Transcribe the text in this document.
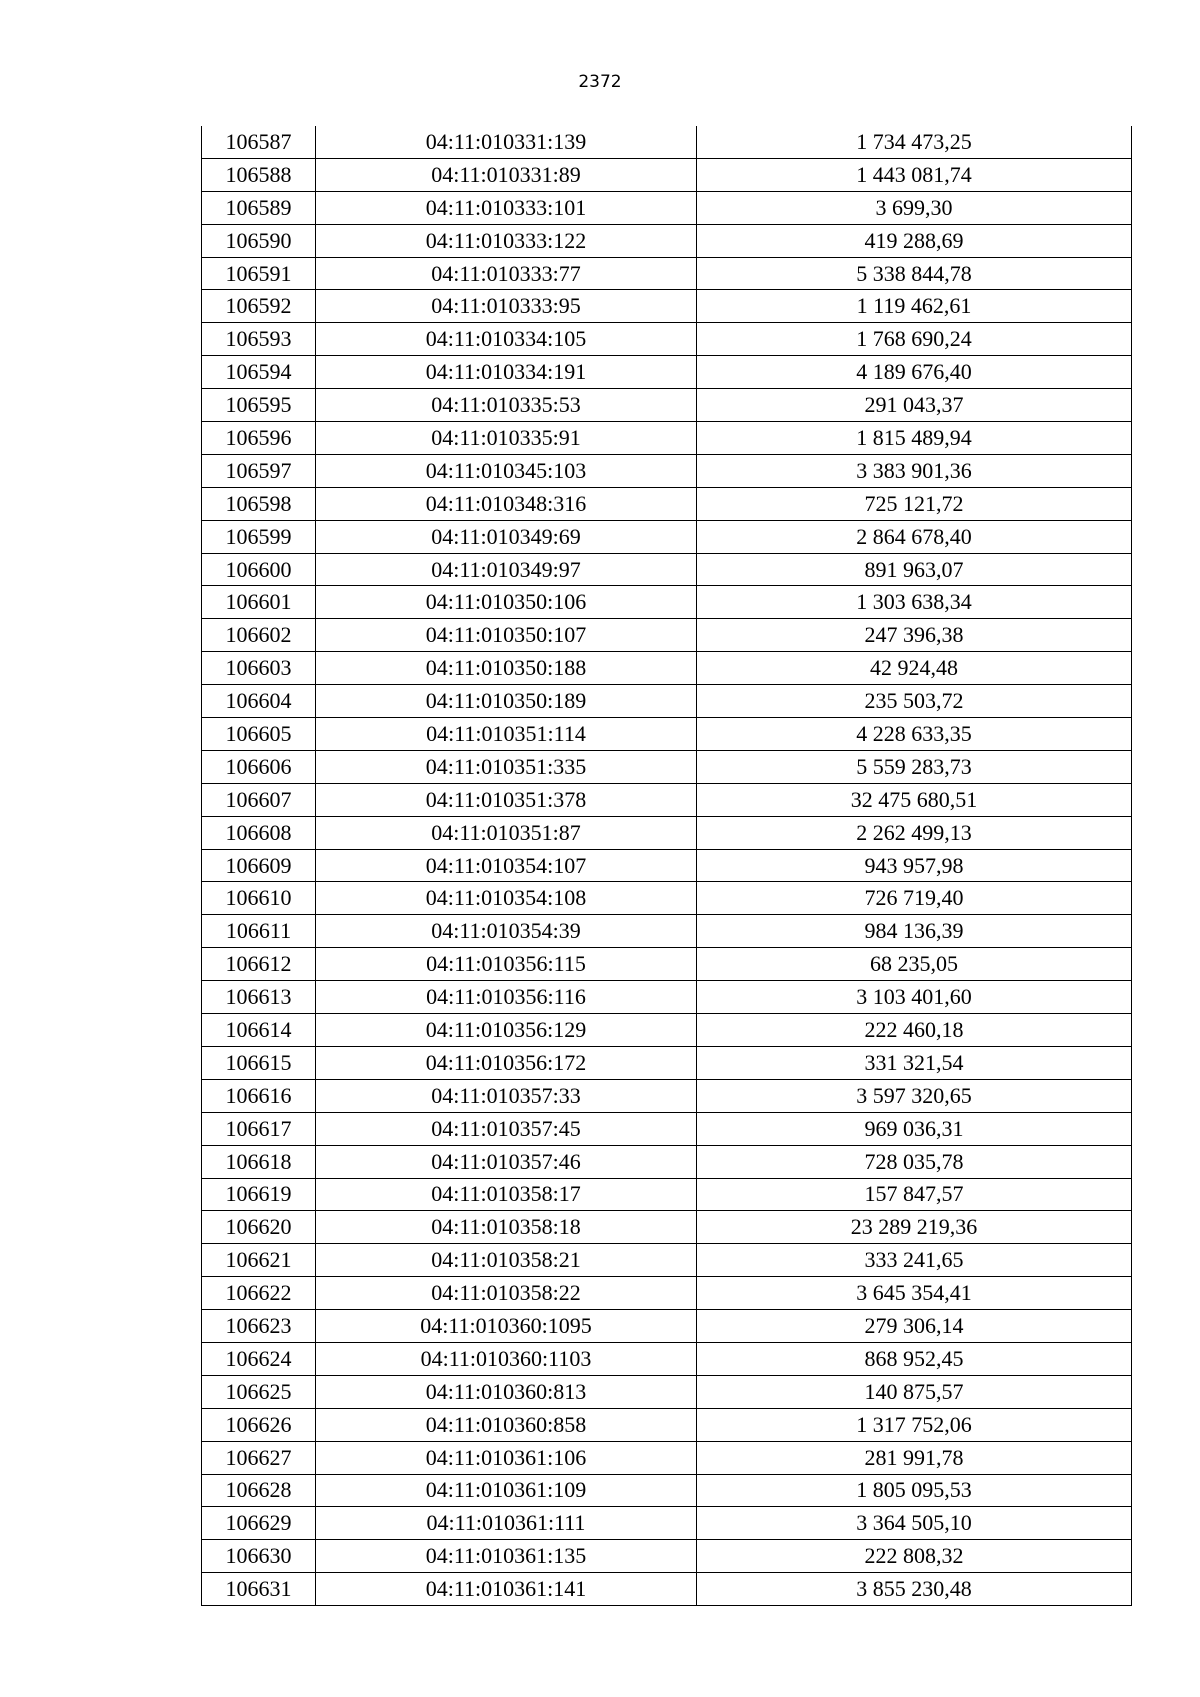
2372
106587	04:11:010331:139	1 734 473,25
106588	04:11:010331:89	1 443 081,74
106589	04:11:010333:101	3 699,30
106590	04:11:010333:122	419 288,69
106591	04:11:010333:77	5 338 844,78
106592	04:11:010333:95	1 119 462,61
106593	04:11:010334:105	1 768 690,24
106594	04:11:010334:191	4 189 676,40
106595	04:11:010335:53	291 043,37
106596	04:11:010335:91	1 815 489,94
106597	04:11:010345:103	3 383 901,36
106598	04:11:010348:316	725 121,72
106599	04:11:010349:69	2 864 678,40
106600	04:11:010349:97	891 963,07
106601	04:11:010350:106	1 303 638,34
106602	04:11:010350:107	247 396,38
106603	04:11:010350:188	42 924,48
106604	04:11:010350:189	235 503,72
106605	04:11:010351:114	4 228 633,35
106606	04:11:010351:335	5 559 283,73
106607	04:11:010351:378	32 475 680,51
106608	04:11:010351:87	2 262 499,13
106609	04:11:010354:107	943 957,98
106610	04:11:010354:108	726 719,40
106611	04:11:010354:39	984 136,39
106612	04:11:010356:115	68 235,05
106613	04:11:010356:116	3 103 401,60
106614	04:11:010356:129	222 460,18
106615	04:11:010356:172	331 321,54
106616	04:11:010357:33	3 597 320,65
106617	04:11:010357:45	969 036,31
106618	04:11:010357:46	728 035,78
106619	04:11:010358:17	157 847,57
106620	04:11:010358:18	23 289 219,36
106621	04:11:010358:21	333 241,65
106622	04:11:010358:22	3 645 354,41
106623	04:11:010360:1095	279 306,14
106624	04:11:010360:1103	868 952,45
106625	04:11:010360:813	140 875,57
106626	04:11:010360:858	1 317 752,06
106627	04:11:010361:106	281 991,78
106628	04:11:010361:109	1 805 095,53
106629	04:11:010361:111	3 364 505,10
106630	04:11:010361:135	222 808,32
106631	04:11:010361:141	3 855 230,48
